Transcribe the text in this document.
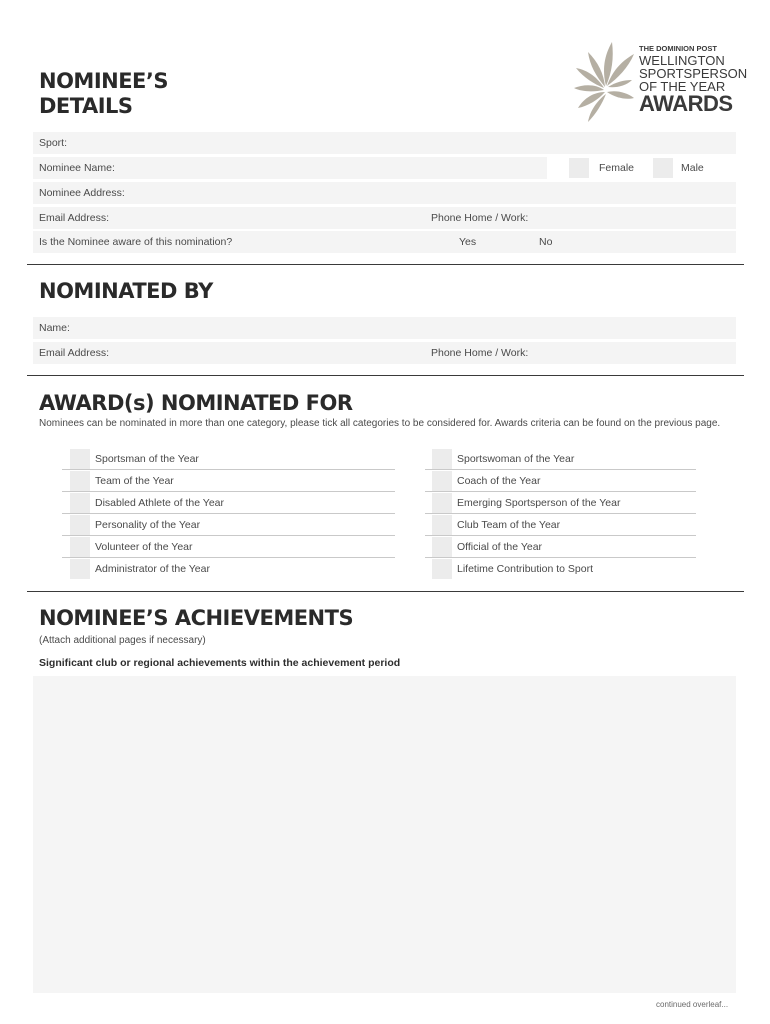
THE DOMINION POST
WELLINGTON
SPORTSPERSON
OF THE YEAR
AWARDS
NOMINEE’S
DETAILS
Sport:
Nominee Name:	Female	Male
Nominee Address:
Email Address:	Phone Home / Work:
Is the Nominee aware of this nomination?	Yes	No
NOMINATED BY
Name:
Email Address:	Phone Home / Work:
AWARD(s) NOMINATED FOR
Nominees can be nominated in more than one category, please tick all categories to be considered for. Awards criteria can be found on the previous page.
Sportsman of the Year
Team of the Year
Disabled Athlete of the Year
Personality of the Year
Volunteer of the Year
Administrator of the Year
Sportswoman of the Year
Coach of the Year
Emerging Sportsperson of the Year
Club Team of the Year
Official of the Year
Lifetime Contribution to Sport
NOMINEE’S ACHIEVEMENTS
(Attach additional pages if necessary)
Significant club or regional achievements within the achievement period
continued overleaf...
